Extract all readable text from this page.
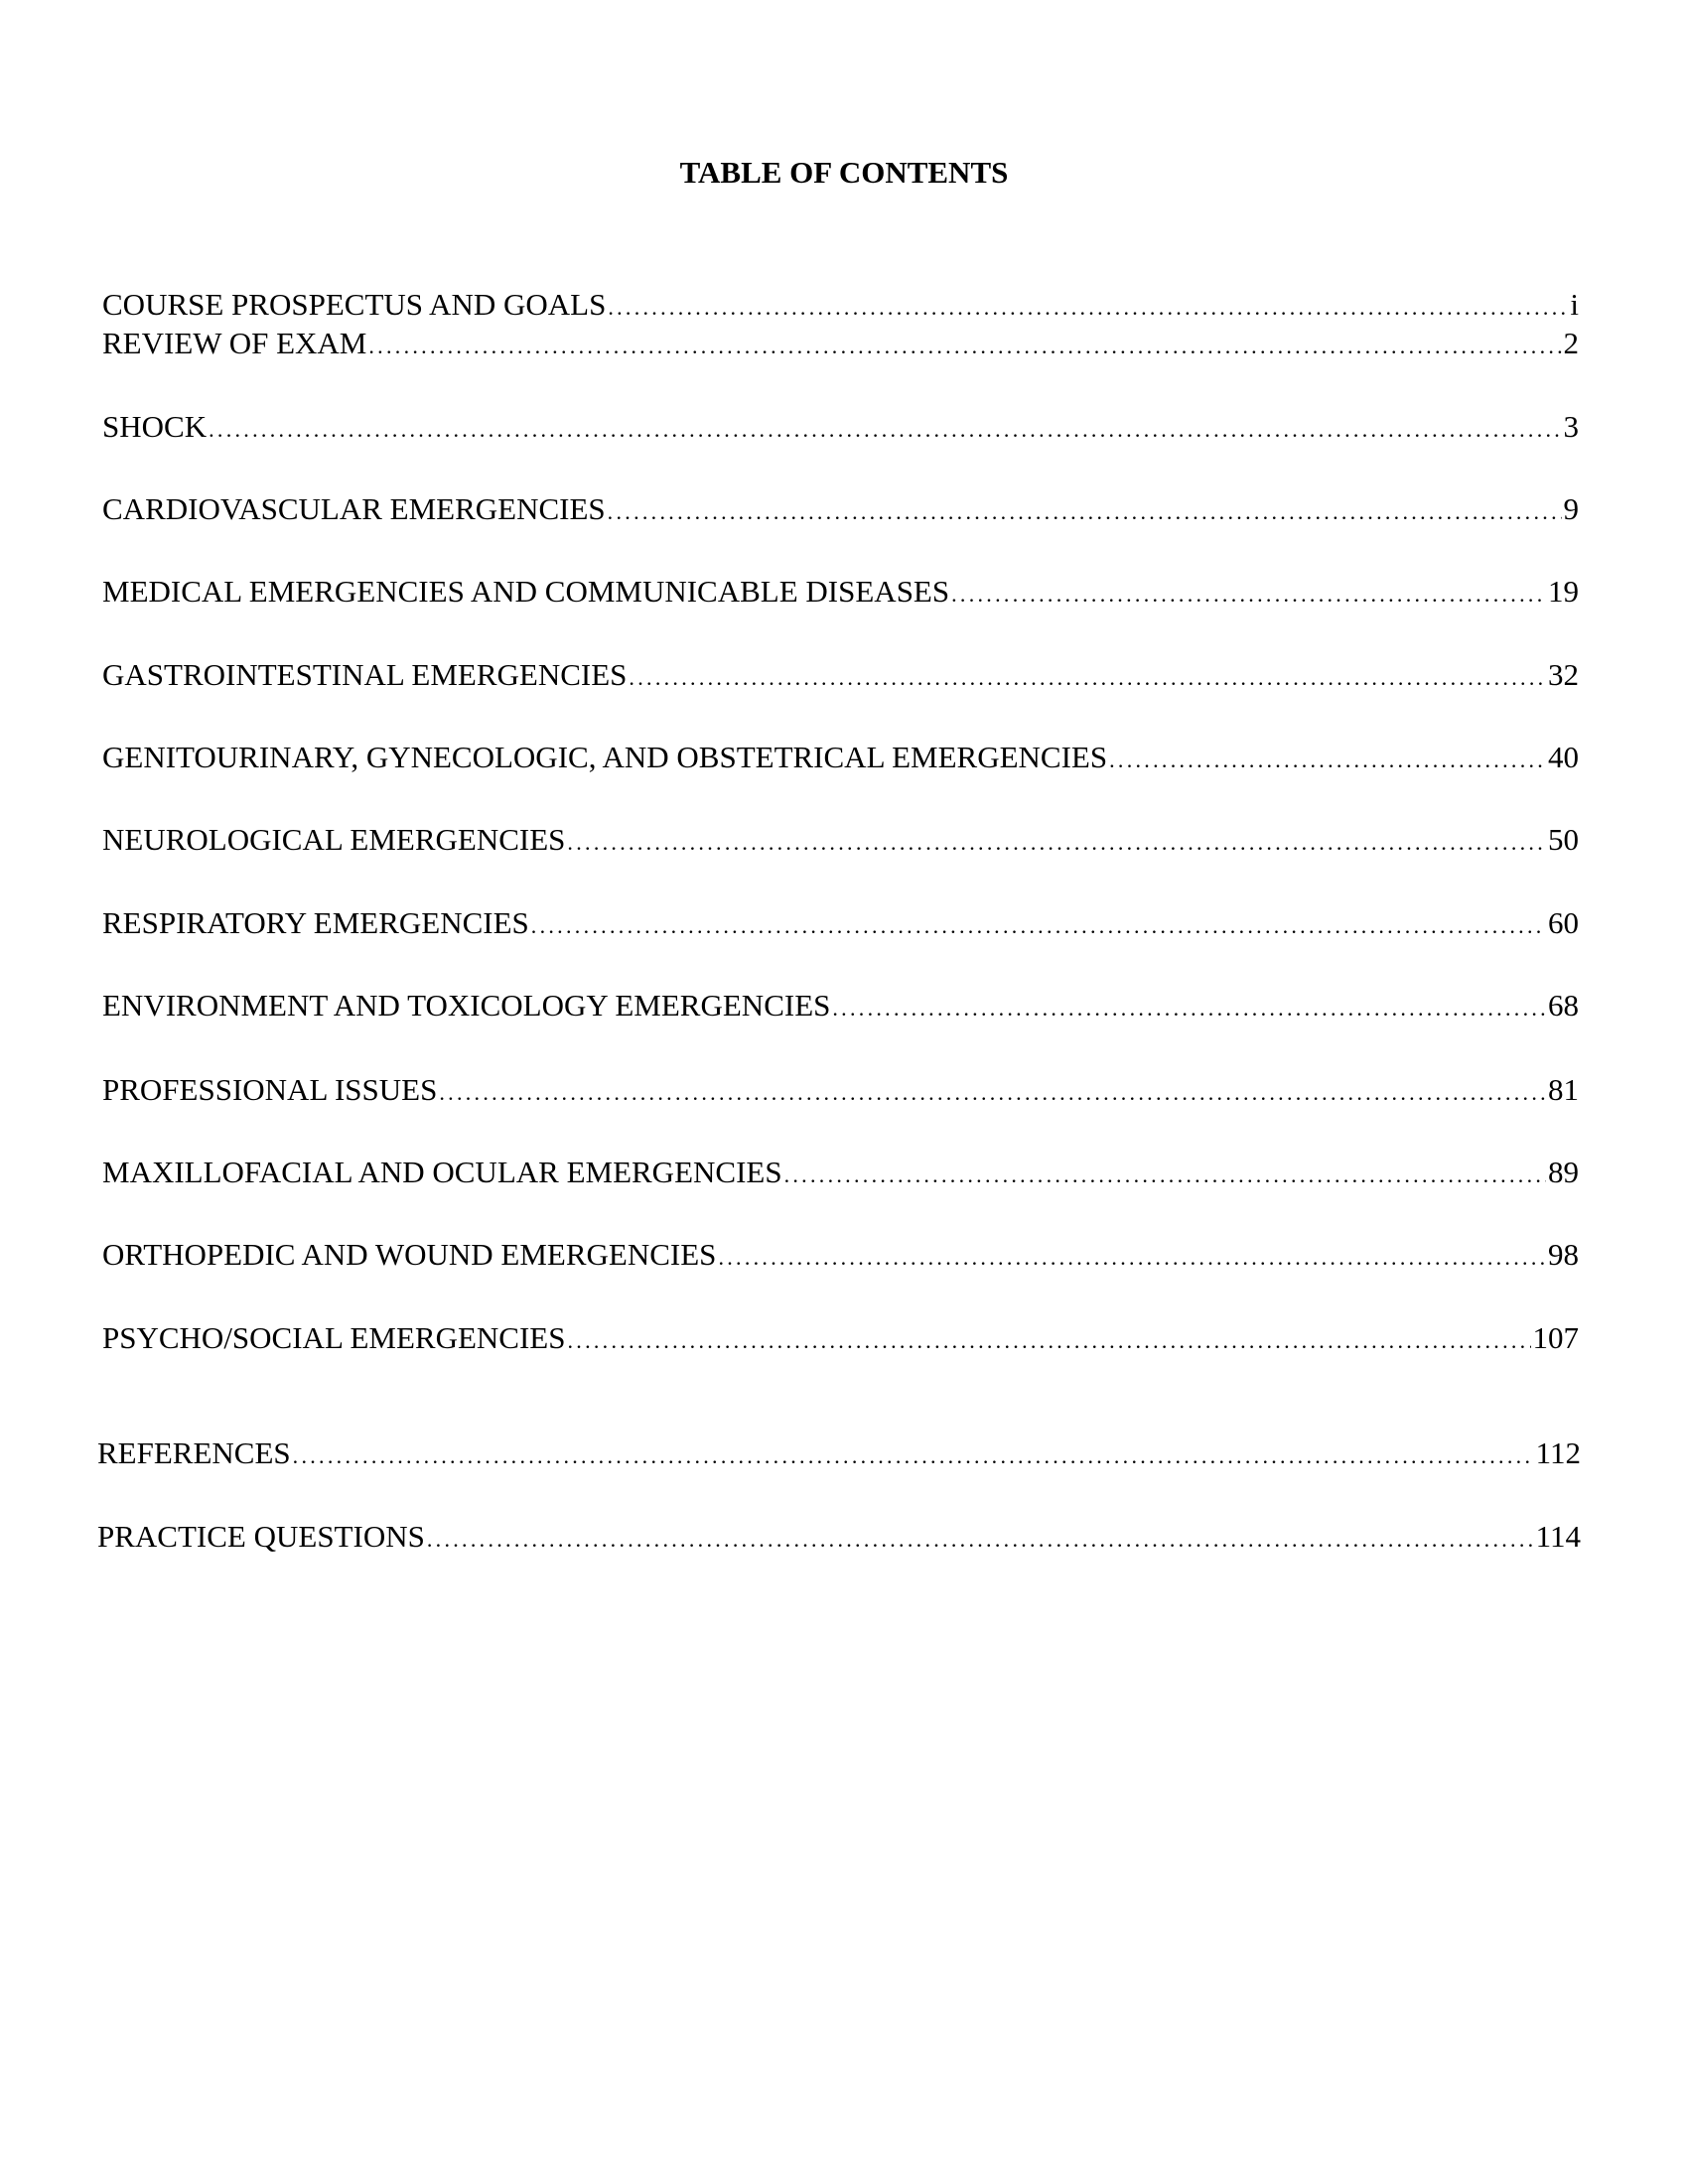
TABLE OF CONTENTS
COURSE PROSPECTUS AND GOALS .....	i
REVIEW OF EXAM .....	2
SHOCK .....	3
CARDIOVASCULAR EMERGENCIES .....	9
MEDICAL EMERGENCIES AND COMMUNICABLE DISEASES .....	19
GASTROINTESTINAL EMERGENCIES .....	32
GENITOURINARY, GYNECOLOGIC, AND OBSTETRICAL EMERGENCIES .....	40
NEUROLOGICAL EMERGENCIES .....	50
RESPIRATORY EMERGENCIES .....	60
ENVIRONMENT AND TOXICOLOGY EMERGENCIES .....	68
PROFESSIONAL ISSUES .....	81
MAXILLOFACIAL AND OCULAR EMERGENCIES .....	89
ORTHOPEDIC AND WOUND EMERGENCIES .....	98
PSYCHO/SOCIAL EMERGENCIES .....	107
REFERENCES .....	112
PRACTICE QUESTIONS .....	114
